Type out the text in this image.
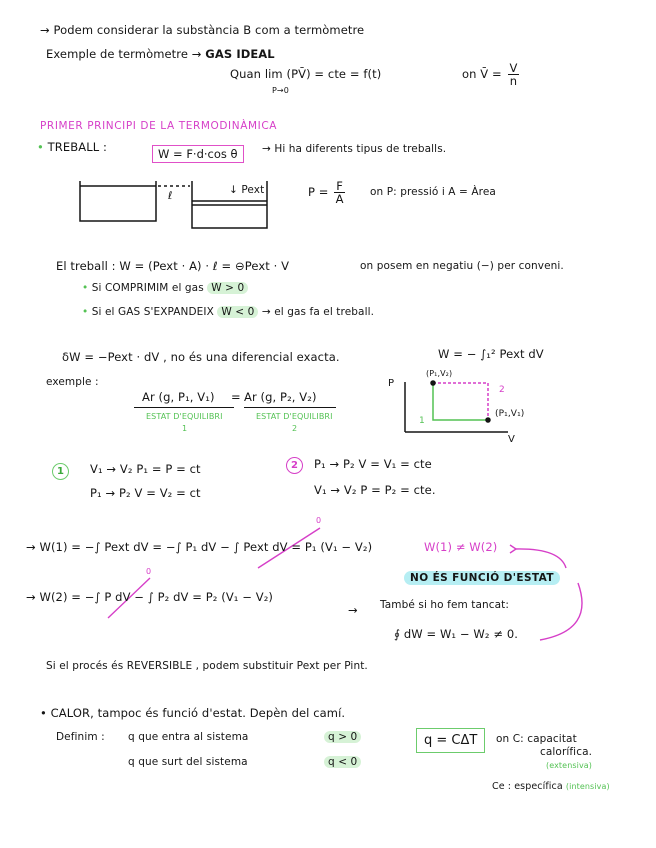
→ Podem considerar la substància B com a termòmetre
Exemple de termòmetre → GAS IDEAL
Quan lim (PV̄) = cte = f(t)
P→0
on V̄ = $\frac{V}{n}$
PRIMER PRINCIPI DE LA TERMODINÀMICA
• TREBALL :	W = F·d·cos θ	→ Hi ha diferents tipus de treballs.
↓ Pext
ℓ	$P = \frac{F}{A}$ on P: pressió i A = Àrea
El treball : W = (Pext · A) · ℓ = ⊖Pext · V	on posem en negatiu (−) per conveni.
• Si COMPRIMIM el gas W > 0
• Si el GAS S'EXPANDEIX W < 0 → el gas fa el treball.
δW = −Pext · dV , no és una diferencial exacta.	W = − ∫₁² Pext dV
exemple :
Ar (g, P₁, V₁) = Ar (g, P₂, V₂)
ESTAT D'EQUILIBRI
1
ESTAT D'EQUILIBRI
2
P
V
(P₁,V₂)
(P₁,V₁)
1
2
1	V₁ → V₂ P₁ = P = ct
P₁ → P₂ V = V₂ = ct
2	P₁ → P₂ V = V₁ = cte
V₁ → V₂ P = P₂ = cte.
→ W(1) = −∫ Pext dV = −∫ P₁ dV − ∫ Pext dV = P₁ (V₁ − V₂)
0
W(1) ≠ W(2)
NO ÉS FUNCIÓ D'ESTAT
→ W(2) = −∫ P dV − ∫ P₂ dV = P₂ (V₁ − V₂)
0
→ També si ho fem tancat:
∮ dW = W₁ − W₂ ≠ 0.
Si el procés és REVERSIBLE , podem substituir Pext per Pint.
• CALOR, tampoc és funció d'estat. Depèn del camí.
Definim : q que entra al sistema	q > 0
q que surt del sistema	q < 0
q = CΔT	on C: capacitat
calorífica.
(extensiva)
Ce : específica (intensiva)
